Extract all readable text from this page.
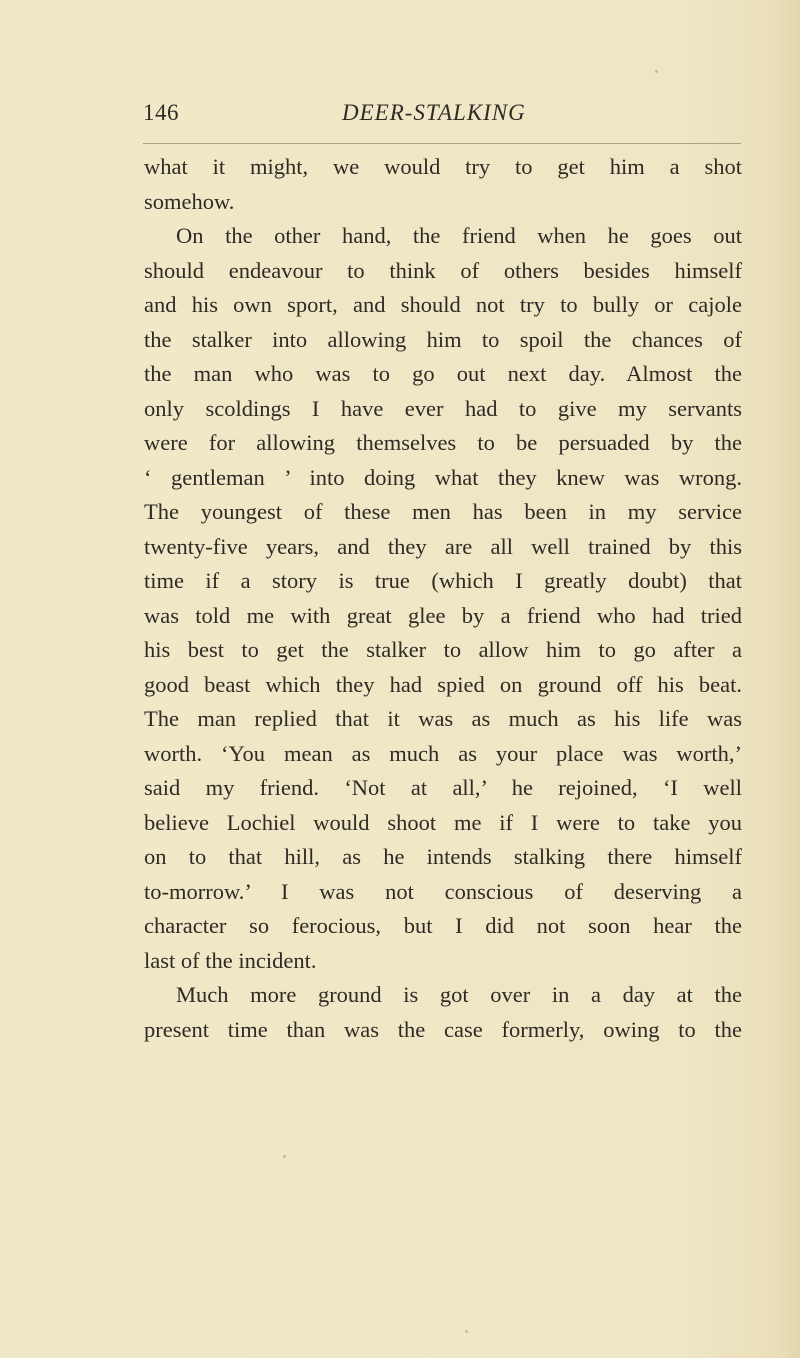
146	DEER-STALKING
what it might, we would try to get him a shot
somehow.
On the other hand, the friend when he goes out
should endeavour to think of others besides himself
and his own sport, and should not try to bully or cajole
the stalker into allowing him to spoil the chances of
the man who was to go out next day. Almost the
only scoldings I have ever had to give my servants
were for allowing themselves to be persuaded by the
‘ gentleman ’ into doing what they knew was wrong.
The youngest of these men has been in my service
twenty-five years, and they are all well trained by this
time if a story is true (which I greatly doubt) that
was told me with great glee by a friend who had tried
his best to get the stalker to allow him to go after a
good beast which they had spied on ground off his beat.
The man replied that it was as much as his life was
worth. ‘You mean as much as your place was worth,’
said my friend. ‘Not at all,’ he rejoined, ‘I well
believe Lochiel would shoot me if I were to take you
on to that hill, as he intends stalking there himself
to-morrow.’ I was not conscious of deserving a
character so ferocious, but I did not soon hear the
last of the incident.
Much more ground is got over in a day at the
present time than was the case formerly, owing to the
